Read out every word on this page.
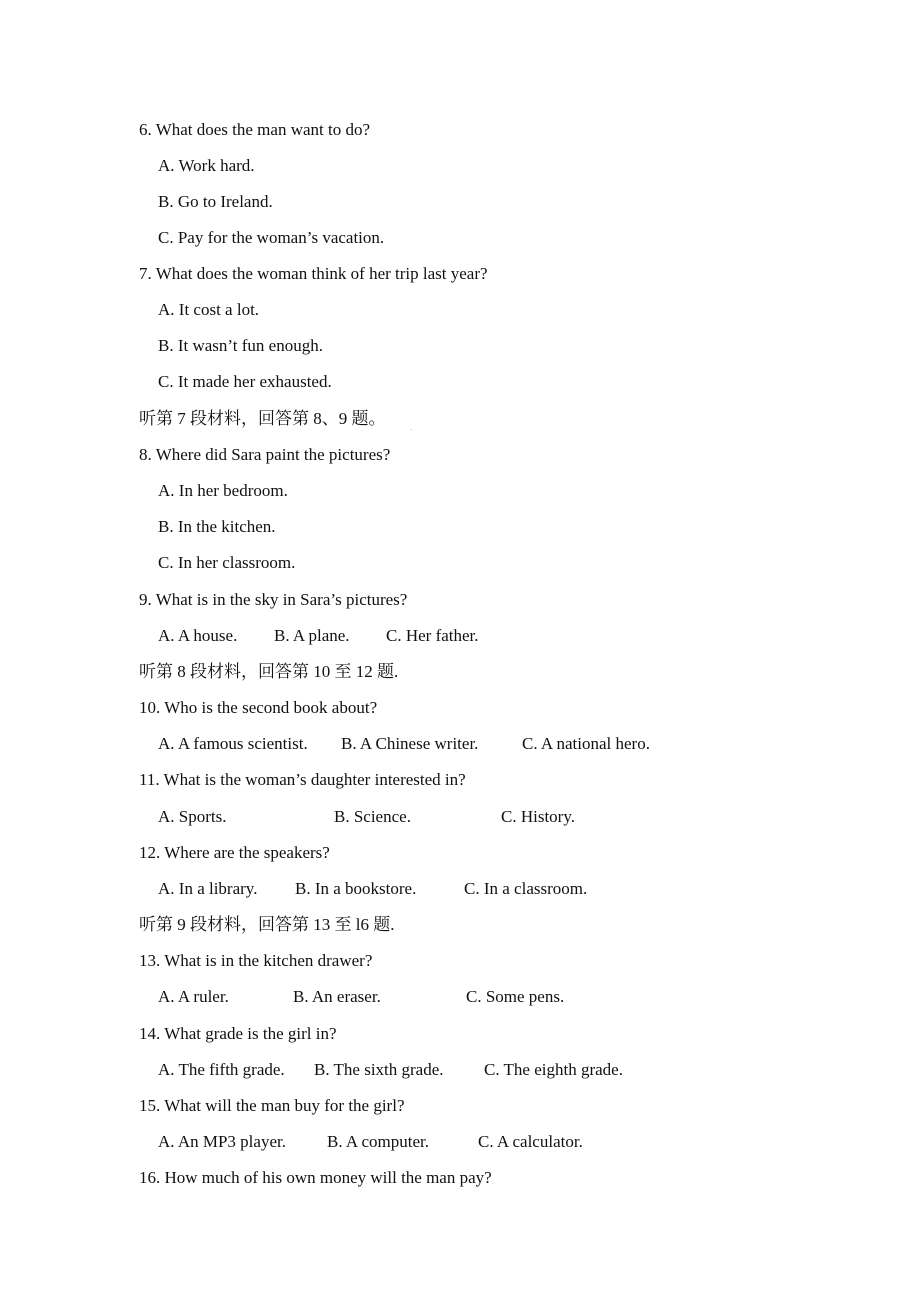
6. What does the man want to do?
A. Work hard.
B. Go to Ireland.
C. Pay for the woman’s vacation.
7. What does the woman think of her trip last year?
A. It cost a lot.
B. It wasn’t fun enough.
C. It made her exhausted.
听第 7 段材料，回答第 8、9 题。	.
8. Where did Sara paint the pictures?
A. In her bedroom.
B. In the kitchen.
C. In her classroom.
9. What is in the sky in Sara’s pictures?
A. A house. B. A plane. C. Her father.
听第 8 段材料，回答第 10 至 12 题.
10. Who is the second book about?
A. A famous scientist. B. A Chinese writer.	C. A national hero.
11. What is the woman’s daughter interested in?
A. Sports.	B. Science.	C. History.
12. Where are the speakers?
A. In a library. B. In a bookstore.	C. In a classroom.
听第 9 段材料，回答第 13 至 l6 题.
13. What is in the kitchen drawer?
A. A ruler.	B. An eraser.	C. Some pens.
14. What grade is the girl in?
A. The fifth grade. B. The sixth grade. C. The eighth grade.
15. What will the man buy for the girl?
A. An MP3 player. B. A computer.	C. A calculator.
16. How much of his own money will the man pay?
